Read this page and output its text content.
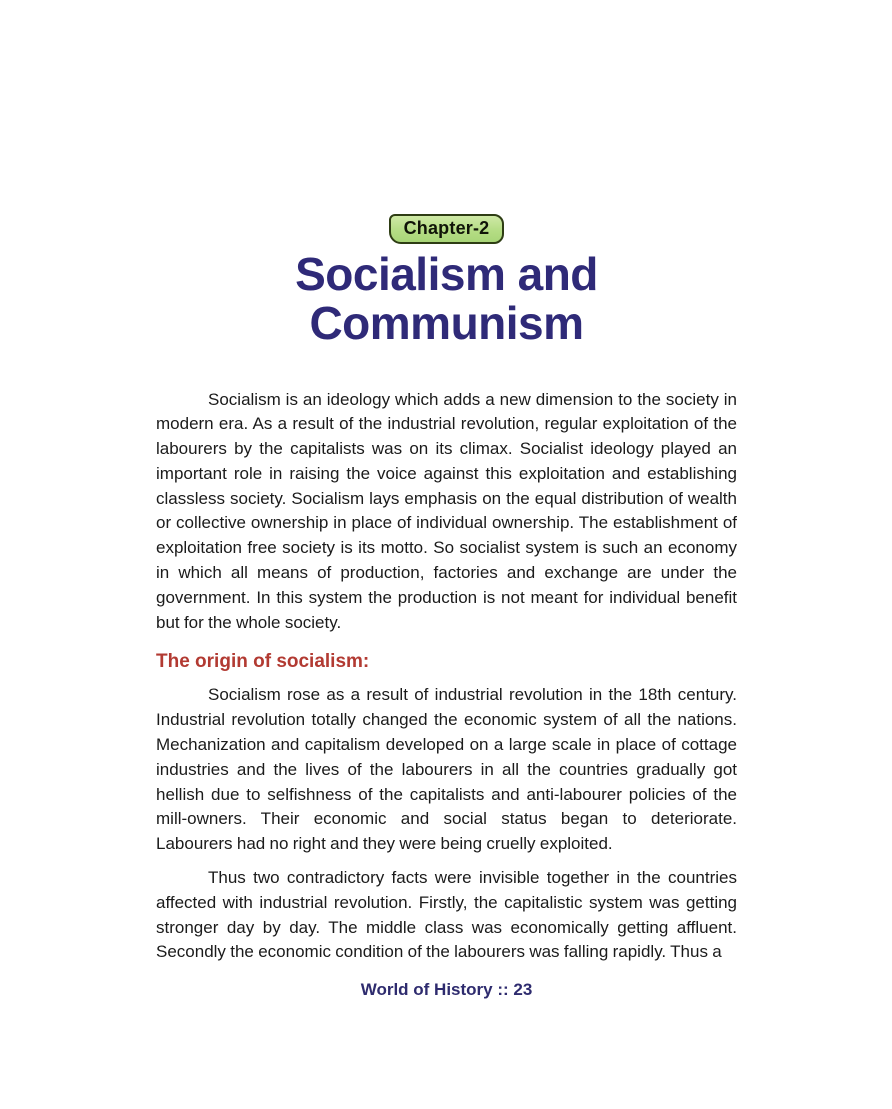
Chapter-2
Socialism and Communism

Socialism is an ideology which adds a new dimension to the society in modern era. As a result of the industrial revolution, regular exploitation of the labourers by the capitalists was on its climax. Socialist ideology played an important role in raising the voice against this exploitation and establishing classless society. Socialism lays emphasis on the equal distribution of wealth or collective ownership in place of individual ownership. The establishment of exploitation free society is its motto. So socialist system is such an economy in which all means of production, factories and exchange are under the government. In this system the production is not meant for individual benefit but for the whole society.

The origin of socialism:

Socialism rose as a result of industrial revolution in the 18th century. Industrial revolution totally changed the economic system of all the nations. Mechanization and capitalism developed on a large scale in place of cottage industries and the lives of the labourers in all the countries gradually got hellish due to selfishness of the capitalists and anti-labourer policies of the mill-owners. Their economic and social status began to deteriorate. Labourers had no right and they were being cruelly exploited.

Thus two contradictory facts were invisible together in the countries affected with industrial revolution. Firstly, the capitalistic system was getting stronger day by day. The middle class was economically getting affluent. Secondly the economic condition of the labourers was falling rapidly. Thus a

World of History :: 23
